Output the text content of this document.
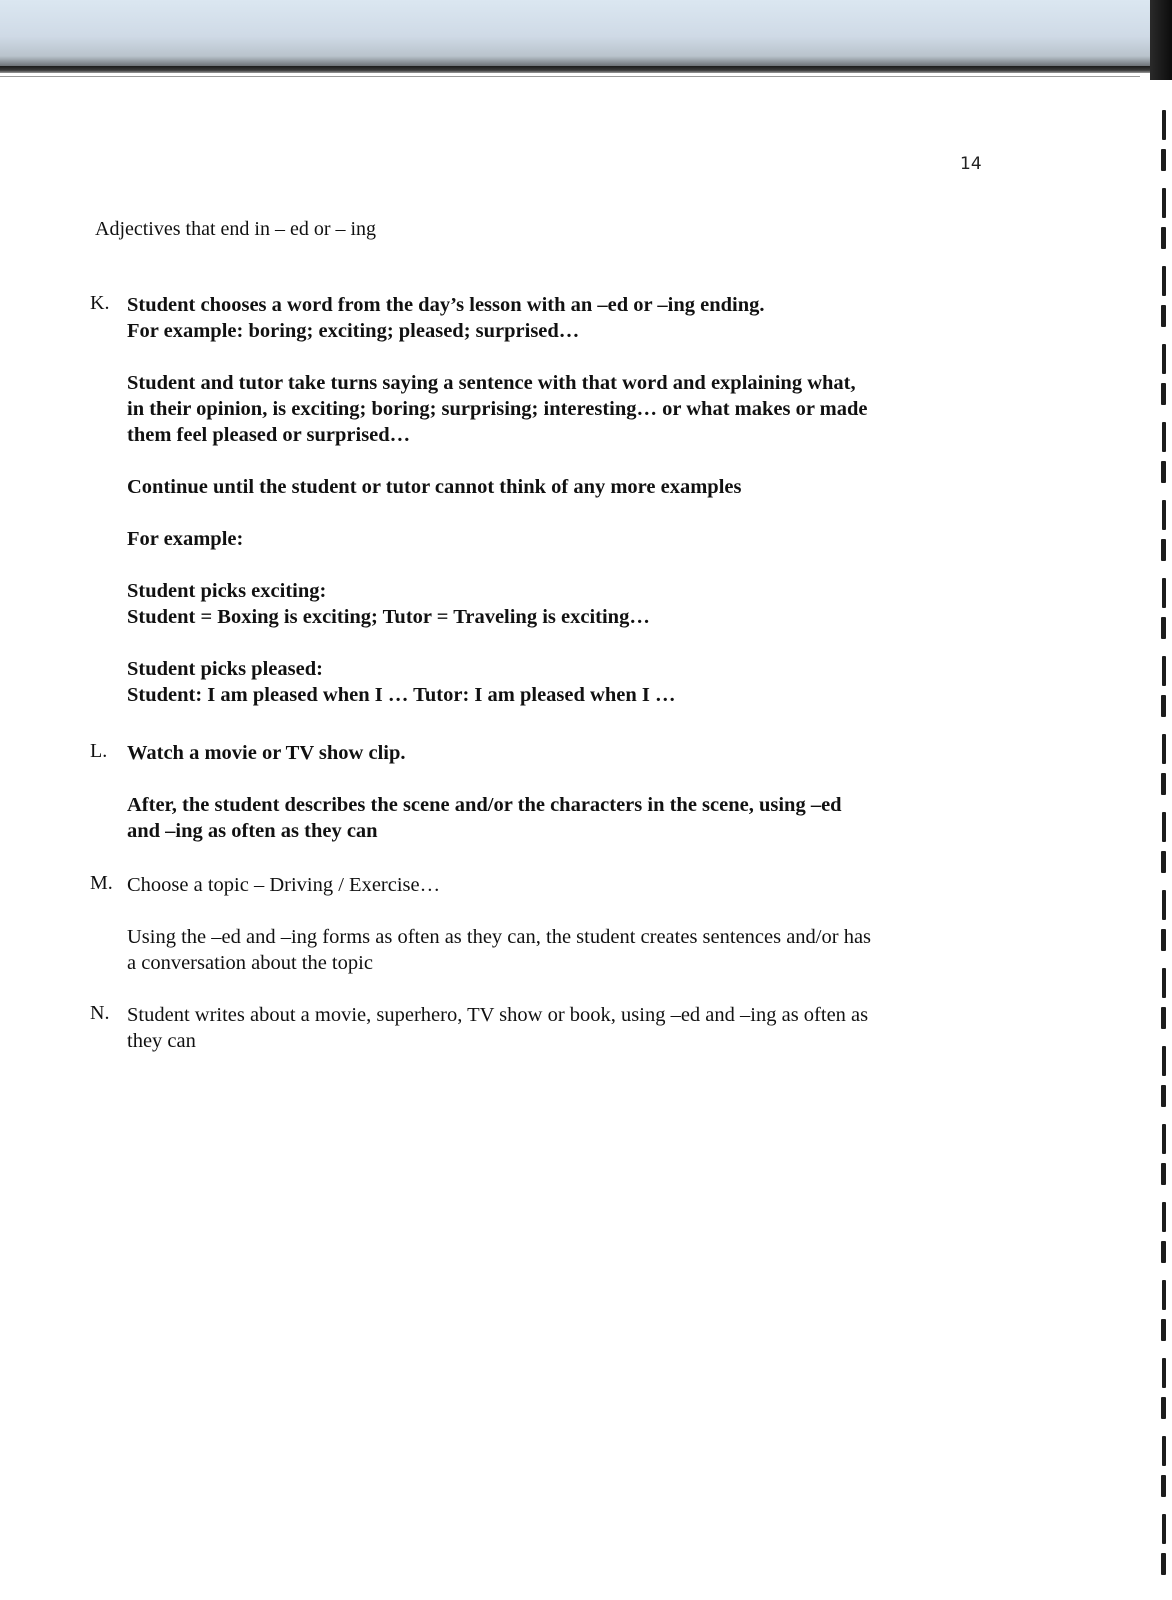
14
Adjectives that end in – ed or – ing
K. Student chooses a word from the day’s lesson with an –ed or –ing ending.
For example: boring; exciting; pleased; surprised…

Student and tutor take turns saying a sentence with that word and explaining what,
in their opinion, is exciting; boring; surprising; interesting… or what makes or made
them feel pleased or surprised…

Continue until the student or tutor cannot think of any more examples

For example:

Student picks exciting:
Student = Boxing is exciting; Tutor = Traveling is exciting…

Student picks pleased:
Student: I am pleased when I … Tutor: I am pleased when I …

L. Watch a movie or TV show clip.

After, the student describes the scene and/or the characters in the scene, using –ed
and –ing as often as they can

M. Choose a topic – Driving / Exercise…

Using the –ed and –ing forms as often as they can, the student creates sentences and/or has
a conversation about the topic

N. Student writes about a movie, superhero, TV show or book, using –ed and –ing as often as
they can
